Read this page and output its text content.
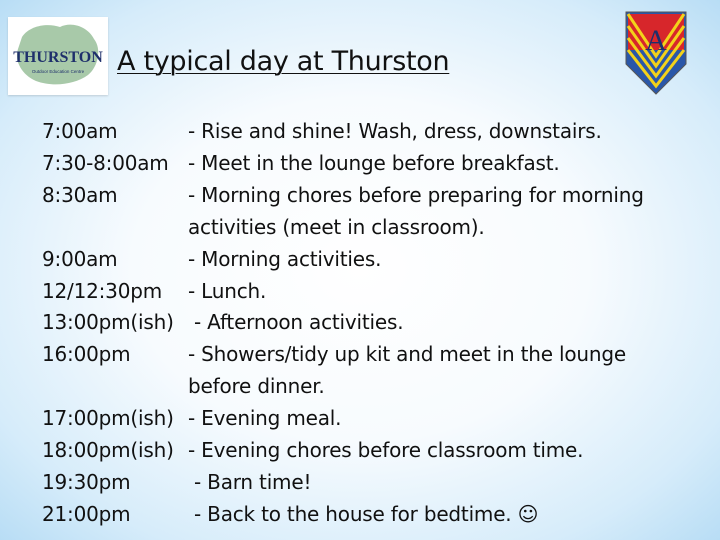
THURSTON
Outdoor Education Centre A typical day at Thurston
A
7:00am	- Rise and shine! Wash, dress, downstairs.
7:30-8:00am - Meet in the lounge before breakfast.
8:30am	- Morning chores before preparing for morning
activities (meet in classroom).
9:00am	- Morning activities.
12/12:30pm	- Lunch.
13:00pm(ish)	- Afternoon activities.
16:00pm	- Showers/tidy up kit and meet in the lounge
before dinner.
17:00pm(ish) - Evening meal.
18:00pm(ish) - Evening chores before classroom time.
19:30pm	- Barn time!
21:00pm	- Back to the house for bedtime. ☺
